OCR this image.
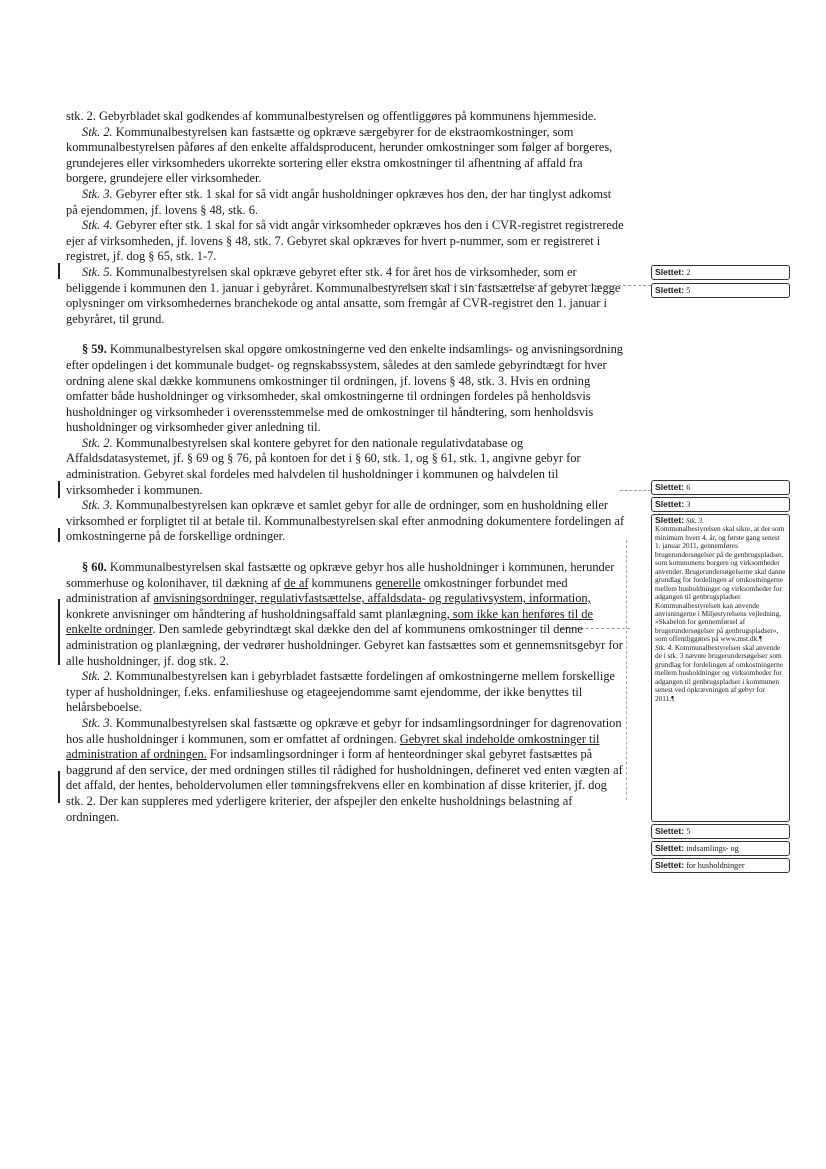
stk. 2. Gebyrbladet skal godkendes af kommunalbestyrelsen og offentliggøres på kommunens hjemmeside.

Stk. 2. Kommunalbestyrelsen kan fastsætte og opkræve særgebyrer for de ekstraomkostninger, som kommunalbestyrelsen påføres af den enkelte affaldsproducent, herunder omkostninger som følger af borgeres, grundejeres eller virksomheders ukorrekte sortering eller ekstra omkostninger til afhentning af affald fra borgere, grundejere eller virksomheder.

Stk. 3. Gebyrer efter stk. 1 skal for så vidt angår husholdninger opkræves hos den, der har tinglyst adkomst på ejendommen, jf. lovens § 48, stk. 6.

Stk. 4. Gebyrer efter stk. 1 skal for så vidt angår virksomheder opkræves hos den i CVR-registret registrerede ejer af virksomheden, jf. lovens § 48, stk. 7. Gebyret skal opkræves for hvert p-nummer, som er registreret i registret, jf. dog § 65, stk. 1-7.

Stk. 5. Kommunalbestyrelsen skal opkræve gebyret efter stk. 4 for året hos de virksomheder, som er beliggende i kommunen den 1. januar i gebyråret. Kommunalbestyrelsen skal i sin fastsættelse af gebyret lægge oplysninger om virksomhedernes branchekode og antal ansatte, som fremgår af CVR-registret den 1. januar i gebyråret, til grund.

§ 59. Kommunalbestyrelsen skal opgøre omkostningerne ved den enkelte indsamlings- og anvisningsordning efter opdelingen i det kommunale budget- og regnskabssystem, således at den samlede gebyrindtægt for hver ordning alene skal dække kommunens omkostninger til ordningen, jf. lovens § 48, stk. 3. Hvis en ordning omfatter både husholdninger og virksomheder, skal omkostningerne til ordningen fordeles på henholdsvis husholdninger og virksomheder i overensstemmelse med de omkostninger til håndtering, som henholdsvis husholdninger og virksomheder giver anledning til.

Stk. 2. Kommunalbestyrelsen skal kontere gebyret for den nationale regulativdatabase og Affaldsdatasystemet, jf. § 69 og § 76, på kontoen for det i § 60, stk. 1, og § 61, stk. 1, angivne gebyr for administration. Gebyret skal fordeles med halvdelen til husholdninger i kommunen og halvdelen til virksomheder i kommunen.

Stk. 3. Kommunalbestyrelsen kan opkræve et samlet gebyr for alle de ordninger, som en husholdning eller virksomhed er forpligtet til at betale til. Kommunalbestyrelsen skal efter anmodning dokumentere fordelingen af omkostningerne på de forskellige ordninger.

§ 60. Kommunalbestyrelsen skal fastsætte og opkræve gebyr hos alle husholdninger i kommunen, herunder sommerhuse og kolonihaver, til dækning af de af kommunens generelle omkostninger forbundet med administration af anvisningsordninger, regulativfastsættelse, affaldsdata- og regulativsystem, information, konkrete anvisninger om håndtering af husholdningsaffald samt planlægning, som ikke kan henføres til de enkelte ordninger. Den samlede gebyrindtægt skal dække den del af kommunens omkostninger til denne administration og planlægning, der vedrører husholdninger. Gebyret kan fastsættes som et gennemsnitsgebyr for alle husholdninger, jf. dog stk. 2.

Stk. 2. Kommunalbestyrelsen kan i gebyrbladet fastsætte fordelingen af omkostningerne mellem forskellige typer af husholdninger, f.eks. enfamilieshuse og etageejendomme samt ejendomme, der ikke benyttes til helårsbeboelse.

Stk. 3. Kommunalbestyrelsen skal fastsætte og opkræve et gebyr for indsamlingsordninger for dagrenovation hos alle husholdninger i kommunen, som er omfattet af ordningen. Gebyret skal indeholde omkostninger til administration af ordningen. For indsamlingsordninger i form af henteordninger skal gebyret fastsættes på baggrund af den service, der med ordningen stilles til rådighed for husholdningen, defineret ved enten vægten af det affald, der hentes, beholdervolumen eller tømningsfrekvens eller en kombination af disse kriterier, jf. dog stk. 2. Der kan suppleres med yderligere kriterier, der afspejler den enkelte husholdnings belastning af ordningen.

Slettet: 2
Slettet: 5
Slettet: 6
Slettet: 3
Slettet: Stk. 3.

Kommunalbestyrelsen skal sikre, at der som minimum hvert 4. år, og første gang senest 1. januar 2011, gennemføres brugerundersøgelser på de genbrugspladser, som kommunens borgere og virksomheder anvender. Brugerundersøgelserne skal danne grundlag for fordelingen af omkostningerne mellem husholdninger og virksomheder for adgangen til genbrugspladser. Kommunalbestyrelsen kan anvende anvisningerne i Miljøstyrelsens vejledning, »Skabelon for gennemførsel af brugerundersøgelser på genbrugspladser«, som offentliggøres på www.mst.dk.¶

Stk. 4. Kommunalbestyrelsen skal anvende de i stk. 3 nævnte brugerundersøgelser som grundlag for fordelingen af omkostningerne mellem husholdninger og virksomheder for adgangen til genbrugspladser i kommunen senest ved opkrævningen af gebyr for 2011.¶

Slettet: 5
Slettet: indsamlings- og
Slettet: for husholdninger
